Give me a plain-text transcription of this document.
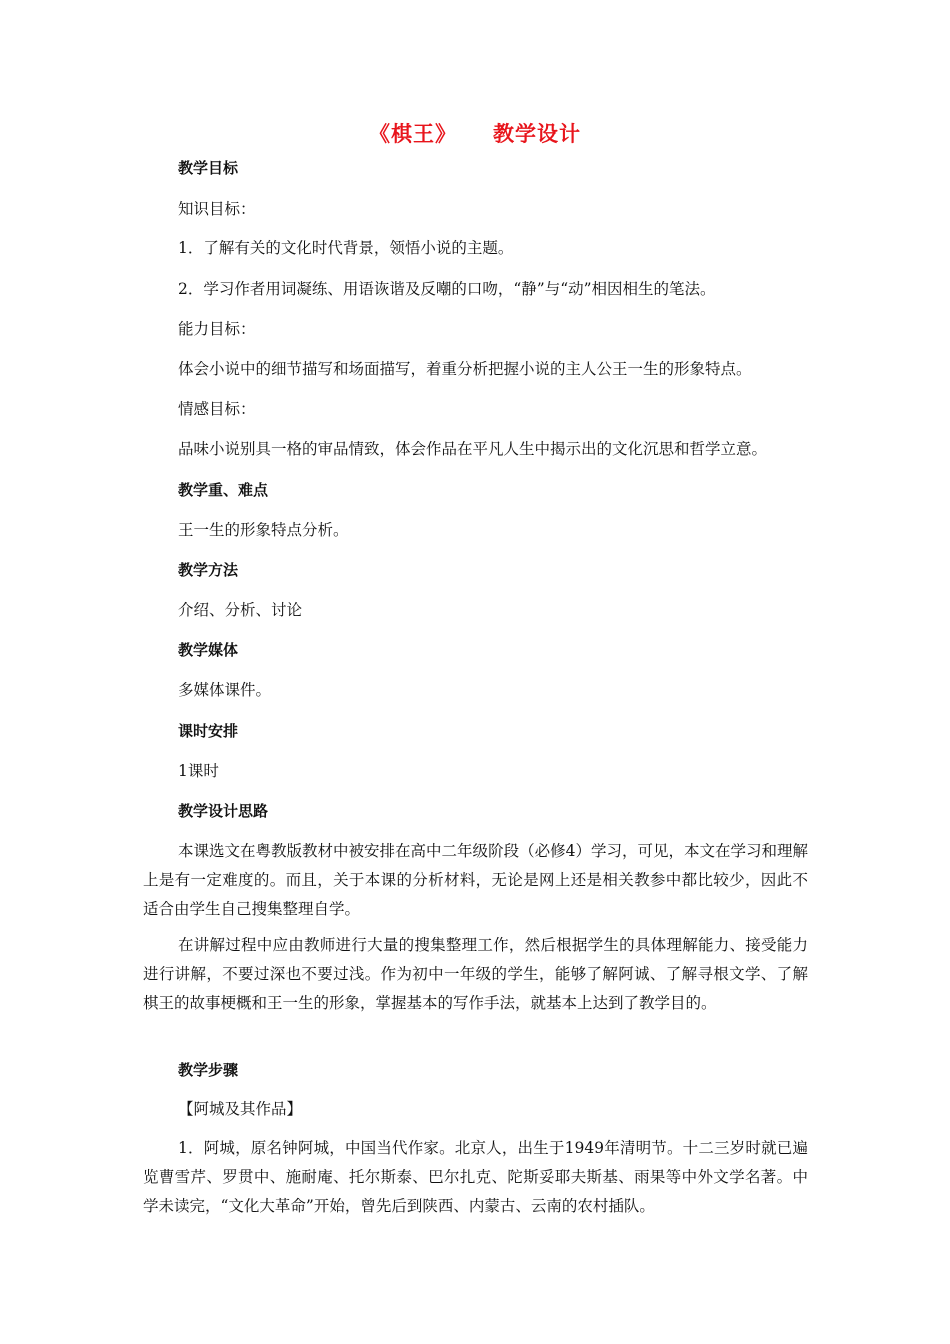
《棋王》 教学设计
教学目标
知识目标：
1．了解有关的文化时代背景，领悟小说的主题。
2．学习作者用词凝练、用语诙谐及反嘲的口吻，“静”与“动”相因相生的笔法。
能力目标：
体会小说中的细节描写和场面描写，着重分析把握小说的主人公王一生的形象特点。
情感目标：
品味小说别具一格的审品情致，体会作品在平凡人生中揭示出的文化沉思和哲学立意。
教学重、难点
王一生的形象特点分析。
教学方法
介绍、分析、讨论
教学媒体
多媒体课件。
课时安排
1课时
教学设计思路
本课选文在粤教版教材中被安排在高中二年级阶段（必修4）学习，可见，本文在学习和理解上是有一定难度的。而且，关于本课的分析材料，无论是网上还是相关教参中都比较少，因此不适合由学生自己搜集整理自学。
在讲解过程中应由教师进行大量的搜集整理工作，然后根据学生的具体理解能力、接受能力进行讲解，不要过深也不要过浅。作为初中一年级的学生，能够了解阿诚、了解寻根文学、了解棋王的故事梗概和王一生的形象，掌握基本的写作手法，就基本上达到了教学目的。
教学步骤
【阿城及其作品】
1．阿城，原名钟阿城，中国当代作家。北京人，出生于1949年清明节。十二三岁时就已遍览曹雪芹、罗贯中、施耐庵、托尔斯泰、巴尔扎克、陀斯妥耶夫斯基、雨果等中外文学名著。中学未读完，“文化大革命”开始，曾先后到陕西、内蒙古、云南的农村插队。
